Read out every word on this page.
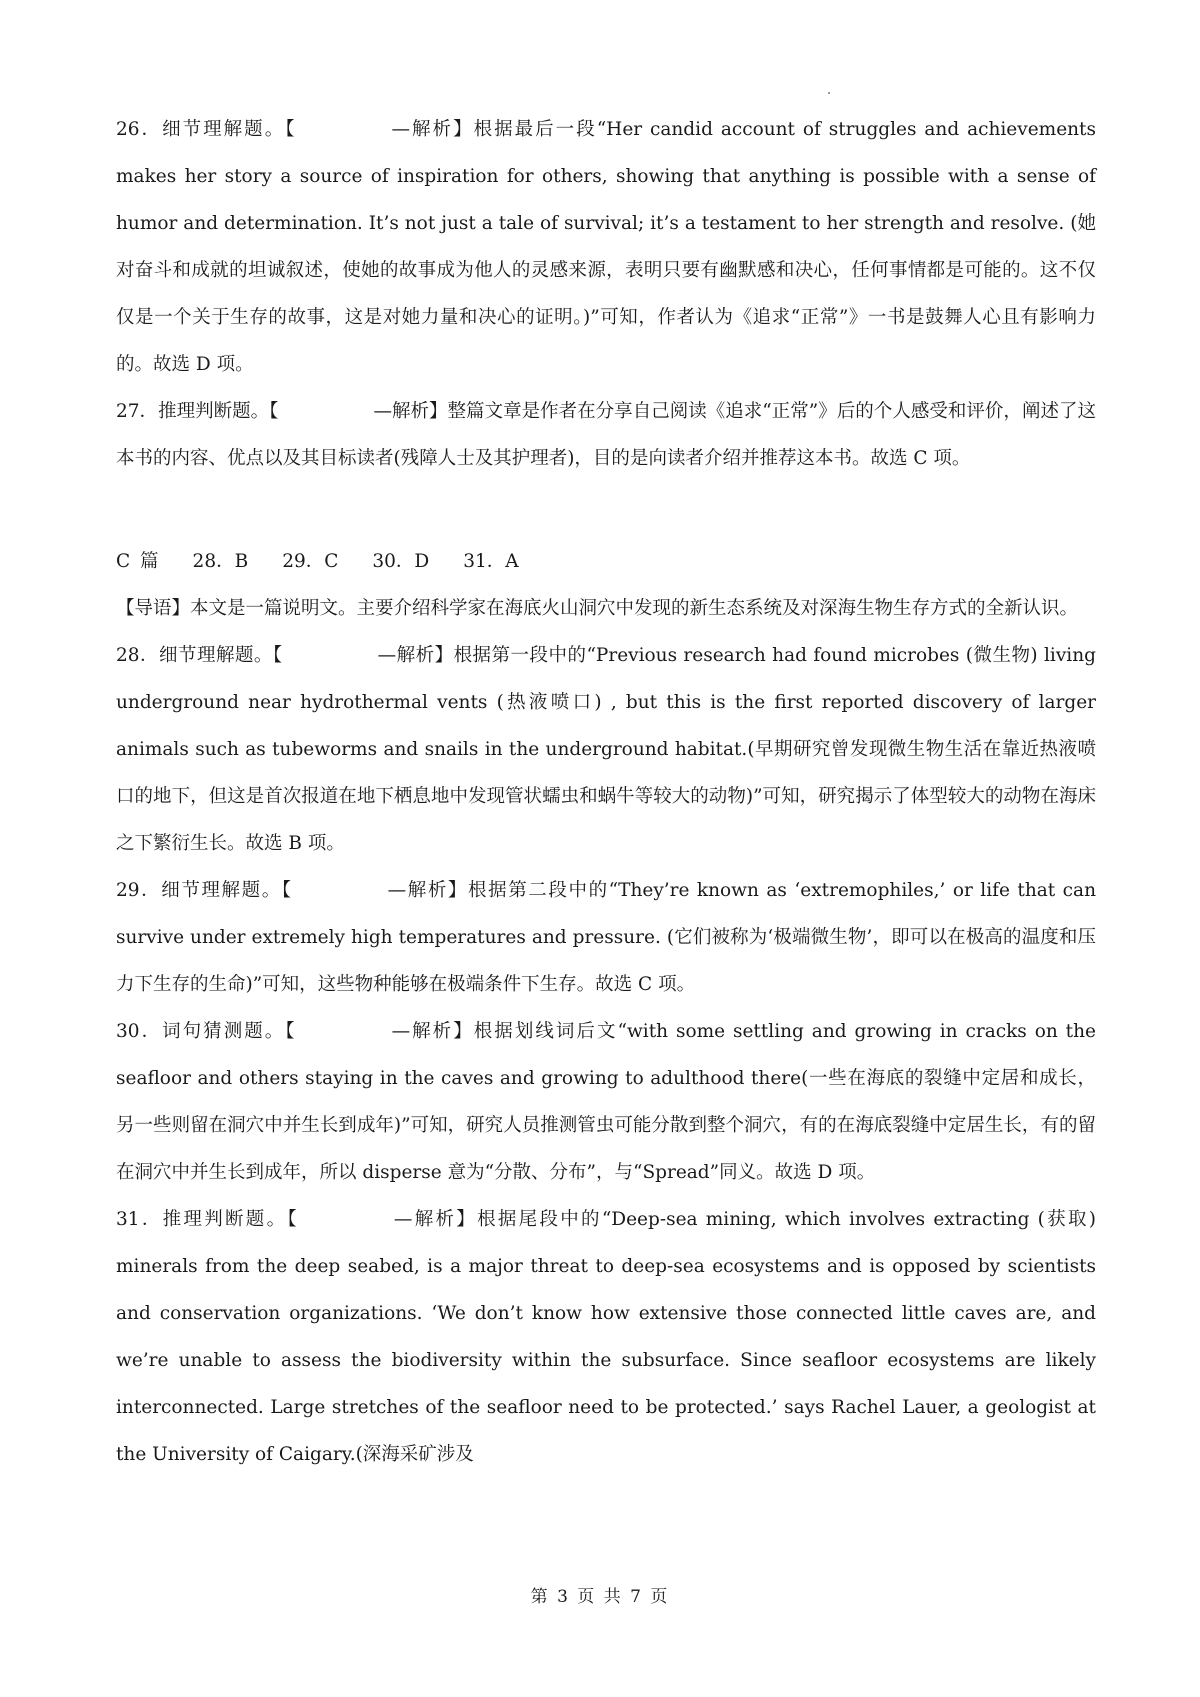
26．细节理解题。【	—解析】根据最后一段“Her candid account of struggles and achievements makes her story a source of inspiration for others, showing that anything is possible with a sense of humor and determination. It’s not just a tale of survival; it’s a testament to her strength and resolve. (她对奋斗和成就的坦诚叙述，使她的故事成为他人的灵感来源，表明只要有幽默感和决心，任何事情都是可能的。这不仅仅是一个关于生存的故事，这是对她力量和决心的证明。)”可知，作者认为《追求“正常”》一书是鼓舞人心且有影响力的。故选 D 项。

27．推理判断题。【	—解析】整篇文章是作者在分享自己阅读《追求“正常”》后的个人感受和评价，阐述了这本书的内容、优点以及其目标读者(残障人士及其护理者)，目的是向读者介绍并推荐这本书。故选 C 项。

C 篇 28．B 29．C 30．D 31．A

【导语】本文是一篇说明文。主要介绍科学家在海底火山洞穴中发现的新生态系统及对深海生物生存方式的全新认识。

28．细节理解题。【	—解析】根据第一段中的“Previous research had found microbes (微生物) living underground near hydrothermal vents (热液喷口) , but this is the first reported discovery of larger animals such as tubeworms and snails in the underground habitat.(早期研究曾发现微生物生活在靠近热液喷口的地下，但这是首次报道在地下栖息地中发现管状蠕虫和蜗牛等较大的动物)”可知，研究揭示了体型较大的动物在海床之下繁衍生长。故选 B 项。

29．细节理解题。【	—解析】根据第二段中的“They’re known as ‘extremophiles,’ or life that can survive under extremely high temperatures and pressure. (它们被称为‘极端微生物’，即可以在极高的温度和压力下生存的生命)”可知，这些物种能够在极端条件下生存。故选 C 项。

30．词句猜测题。【	—解析】根据划线词后文“with some settling and growing in cracks on the seafloor and others staying in the caves and growing to adulthood there(一些在海底的裂缝中定居和成长，另一些则留在洞穴中并生长到成年)”可知，研究人员推测管虫可能分散到整个洞穴，有的在海底裂缝中定居生长，有的留在洞穴中并生长到成年，所以 disperse 意为“分散、分布”，与“Spread”同义。故选 D 项。

31．推理判断题。【	—解析】根据尾段中的“Deep-sea mining, which involves extracting (获取) minerals from the deep seabed, is a major threat to deep-sea ecosystems and is opposed by scientists and conservation organizations. ‘We don’t know how extensive those connected little caves are, and we’re unable to assess the biodiversity within the subsurface. Since seafloor ecosystems are likely interconnected. Large stretches of the seafloor need to be protected.’ says Rachel Lauer, a geologist at the University of Caigary.(深海采矿涉及

第 3 页 共 7 页
